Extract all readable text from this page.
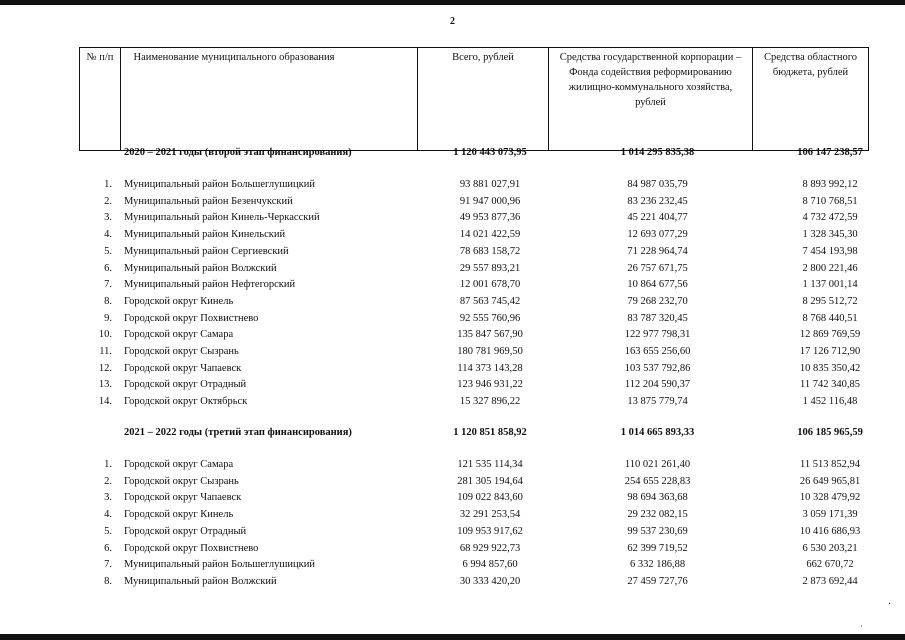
2
№ п/п	Наименование муниципального образования	Всего, рублей	Средства государственной корпорации – Фонда содействия реформированию жилищно-коммунального хозяйства, рублей	Средства областного бюджета, рублей
2020 – 2021 годы (второй этап финансирования)	1 120 443 073,95	1 014 295 835,38	106 147 238,57
1. Муниципальный район Большеглушицкий	93 881 027,91	84 987 035,79	8 893 992,12
2. Муниципальный район Безенчукский	91 947 000,96	83 236 232,45	8 710 768,51
3. Муниципальный район Кинель-Черкасский	49 953 877,36	45 221 404,77	4 732 472,59
4. Муниципальный район Кинельский	14 021 422,59	12 693 077,29	1 328 345,30
5. Муниципальный район Сергиевский	78 683 158,72	71 228 964,74	7 454 193,98
6. Муниципальный район Волжский	29 557 893,21	26 757 671,75	2 800 221,46
7. Муниципальный район Нефтегорский	12 001 678,70	10 864 677,56	1 137 001,14
8. Городской округ Кинель	87 563 745,42	79 268 232,70	8 295 512,72
9. Городской округ Похвистнево	92 555 760,96	83 787 320,45	8 768 440,51
10. Городской округ Самара	135 847 567,90	122 977 798,31	12 869 769,59
11. Городской округ Сызрань	180 781 969,50	163 655 256,60	17 126 712,90
12. Городской округ Чапаевск	114 373 143,28	103 537 792,86	10 835 350,42
13. Городской округ Отрадный	123 946 931,22	112 204 590,37	11 742 340,85
14. Городской округ Октябрьск	15 327 896,22	13 875 779,74	1 452 116,48
2021 – 2022 годы (третий этап финансирования)	1 120 851 858,92	1 014 665 893,33	106 185 965,59
1. Городской округ Самара	121 535 114,34	110 021 261,40	11 513 852,94
2. Городской округ Сызрань	281 305 194,64	254 655 228,83	26 649 965,81
3. Городской округ Чапаевск	109 022 843,60	98 694 363,68	10 328 479,92
4. Городской округ Кинель	32 291 253,54	29 232 082,15	3 059 171,39
5. Городской округ Отрадный	109 953 917,62	99 537 230,69	10 416 686,93
6. Городской округ Похвистнево	68 929 922,73	62 399 719,52	6 530 203,21
7. Муниципальный район Большеглушицкий	6 994 857,60	6 332 186,88	662 670,72
8. Муниципальный район Волжский	30 333 420,20	27 459 727,76	2 873 692,44
·
·
